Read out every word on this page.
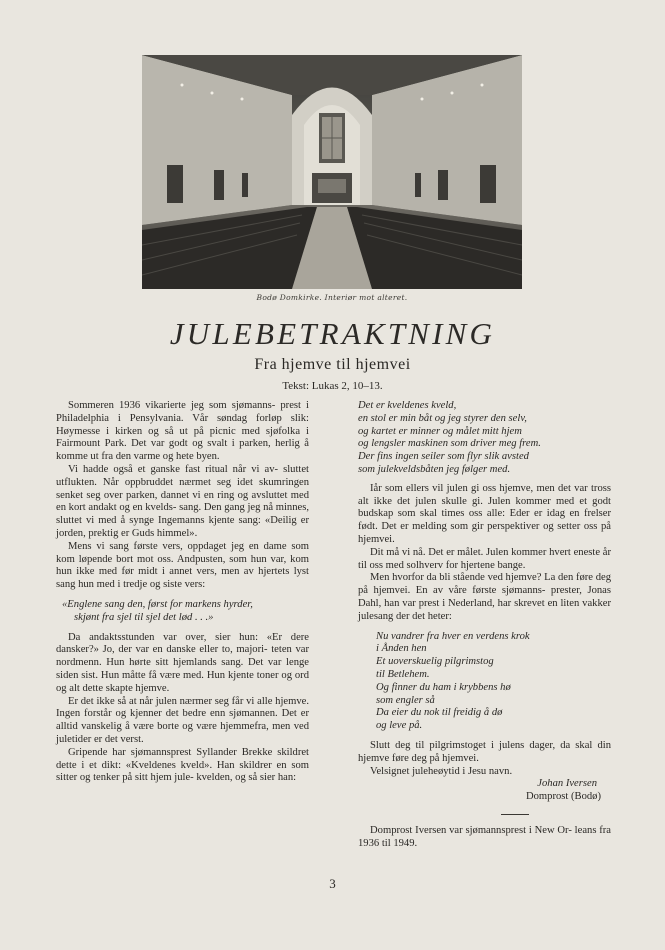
Bodø Domkirke. Interiør mot alteret.
JULEBETRAKTNING
Fra hjemve til hjemvei
Tekst: Lukas 2, 10–13.

Sommeren 1936 vikarierte jeg som sjømanns- prest i Philadelphia i Pensylvania. Vår søndag forløp slik: Høymesse i kirken og så ut på picnic med sjøfolka i Fairmount Park. Det var godt og svalt i parken, herlig å komme ut fra den varme og hete byen.

Vi hadde også et ganske fast ritual når vi av- sluttet utflukten. Når oppbruddet nærmet seg idet skumringen senket seg over parken, dannet vi en ring og avsluttet med en kort andakt og en kvelds- sang. Den gang jeg nå minnes, sluttet vi med å synge Ingemanns kjente sang: «Deilig er jorden, prektig er Guds himmel».

Mens vi sang første vers, oppdaget jeg en dame som kom løpende bort mot oss. Andpusten, som hun var, kom hun ikke med før midt i annet vers, men av hjertets lyst sang hun med i tredje og siste vers:

«Englene sang den, først for markens hyrder,
skjønt fra sjel til sjel det lød . . .»

Da andaktsstunden var over, sier hun: «Er dere dansker?» Jo, der var en danske eller to, majori- teten var nordmenn. Hun hørte sitt hjemlands sang. Det var lenge siden sist. Hun måtte få være med. Hun kjente toner og ord og alt dette skapte hjemve.

Er det ikke så at når julen nærmer seg får vi alle hjemve. Ingen forstår og kjenner det bedre enn sjømannen. Det er alltid vanskelig å være borte og være hjemmefra, men ved juletider er det verst.

Gripende har sjømannsprest Syllander Brekke skildret dette i et dikt: «Kveldenes kveld». Han skildrer en som sitter og tenker på sitt hjem jule- kvelden, og så sier han:

Det er kveldenes kveld,
en stol er min båt og jeg styrer den selv,
og kartet er minner og målet mitt hjem
og lengsler maskinen som driver meg frem.
Der fins ingen seiler som flyr slik avsted
som julekveldsbåten jeg følger med.

Iår som ellers vil julen gi oss hjemve, men det var tross alt ikke det julen skulle gi. Julen kommer med et godt budskap som skal times oss alle: Eder er idag en frelser født. Det er melding som gir perspektiver og setter oss på hjemvei.

Dit må vi nå. Det er målet. Julen kommer hvert eneste år til oss med solhverv for hjertene bange.

Men hvorfor da bli stående ved hjemve? La den føre deg på hjemvei. En av våre første sjømanns- prester, Jonas Dahl, han var prest i Nederland, har skrevet en liten vakker julesang der det heter:

Nu vandrer fra hver en verdens krok
i Ånden hen
Et uoverskuelig pilgrimstog
til Betlehem.
Og finner du ham i krybbens hø
som engler så
Da eier du nok til freidig å dø
og leve på.

Slutt deg til pilgrimstoget i julens dager, da skal din hjemve føre deg på hjemvei.

Velsignet juleheøytid i Jesu navn.

Johan Iversen

Domprost (Bodø)

Domprost Iversen var sjømannsprest i New Or- leans fra 1936 til 1949.

3
